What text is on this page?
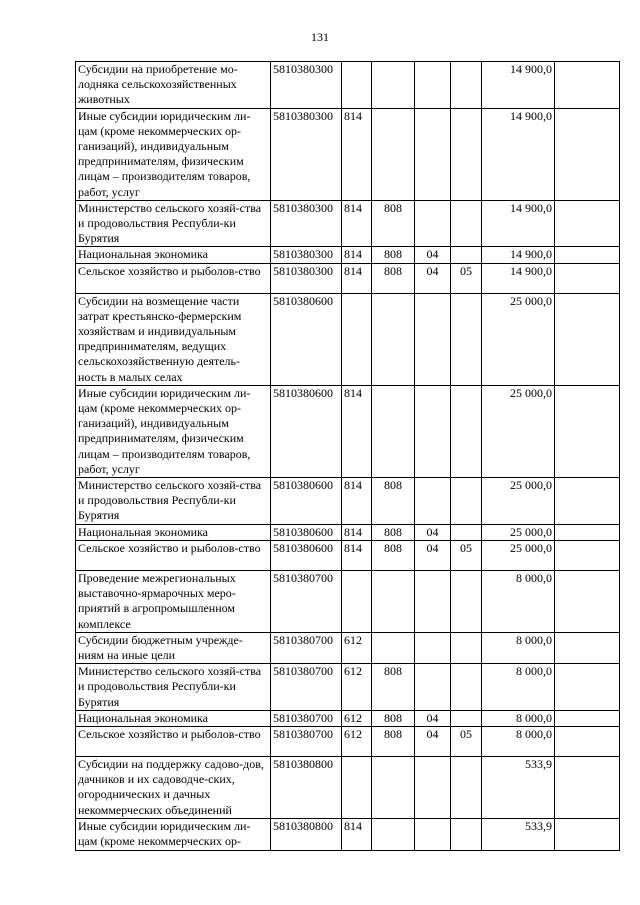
131
Субсидии на приобретение мо-лодняка сельскохозяйственных животных	5810380300					14 900,0	
Иные субсидии юридическим ли-цам (кроме некоммерческих ор-ганизаций), индивидуальным предпринимателям, физическим лицам – производителям товаров, работ, услуг	5810380300	814				14 900,0	
Министерство сельского хозяй-ства и продовольствия Республи-ки Бурятия	5810380300	814	808			14 900,0	
Национальная экономика	5810380300	814	808	04		14 900,0	
Сельское хозяйство и рыболов-ство	5810380300	814	808	04	05	14 900,0	
Субсидии на возмещение части затрат крестьянско-фермерским хозяйствам и индивидуальным предпринимателям, ведущих сельскохозяйственную деятель-ность в малых селах	5810380600					25 000,0	
Иные субсидии юридическим ли-цам (кроме некоммерческих ор-ганизаций), индивидуальным предпринимателям, физическим лицам – производителям товаров, работ, услуг	5810380600	814				25 000,0	
Министерство сельского хозяй-ства и продовольствия Республи-ки Бурятия	5810380600	814	808			25 000,0	
Национальная экономика	5810380600	814	808	04		25 000,0	
Сельское хозяйство и рыболов-ство	5810380600	814	808	04	05	25 000,0	
Проведение межрегиональных выставочно-ярмарочных меро-приятий в агропромышленном комплексе	5810380700					8 000,0	
Субсидии бюджетным учрежде-ниям на иные цели	5810380700	612				8 000,0	
Министерство сельского хозяй-ства и продовольствия Республи-ки Бурятия	5810380700	612	808			8 000,0	
Национальная экономика	5810380700	612	808	04		8 000,0	
Сельское хозяйство и рыболов-ство	5810380700	612	808	04	05	8 000,0	
Субсидии на поддержку садово-дов, дачников и их садоводче-ских, огороднических и дачных некоммерческих объединений	5810380800					533,9	
Иные субсидии юридическим ли-цам (кроме некоммерческих ор-	5810380800	814				533,9	
